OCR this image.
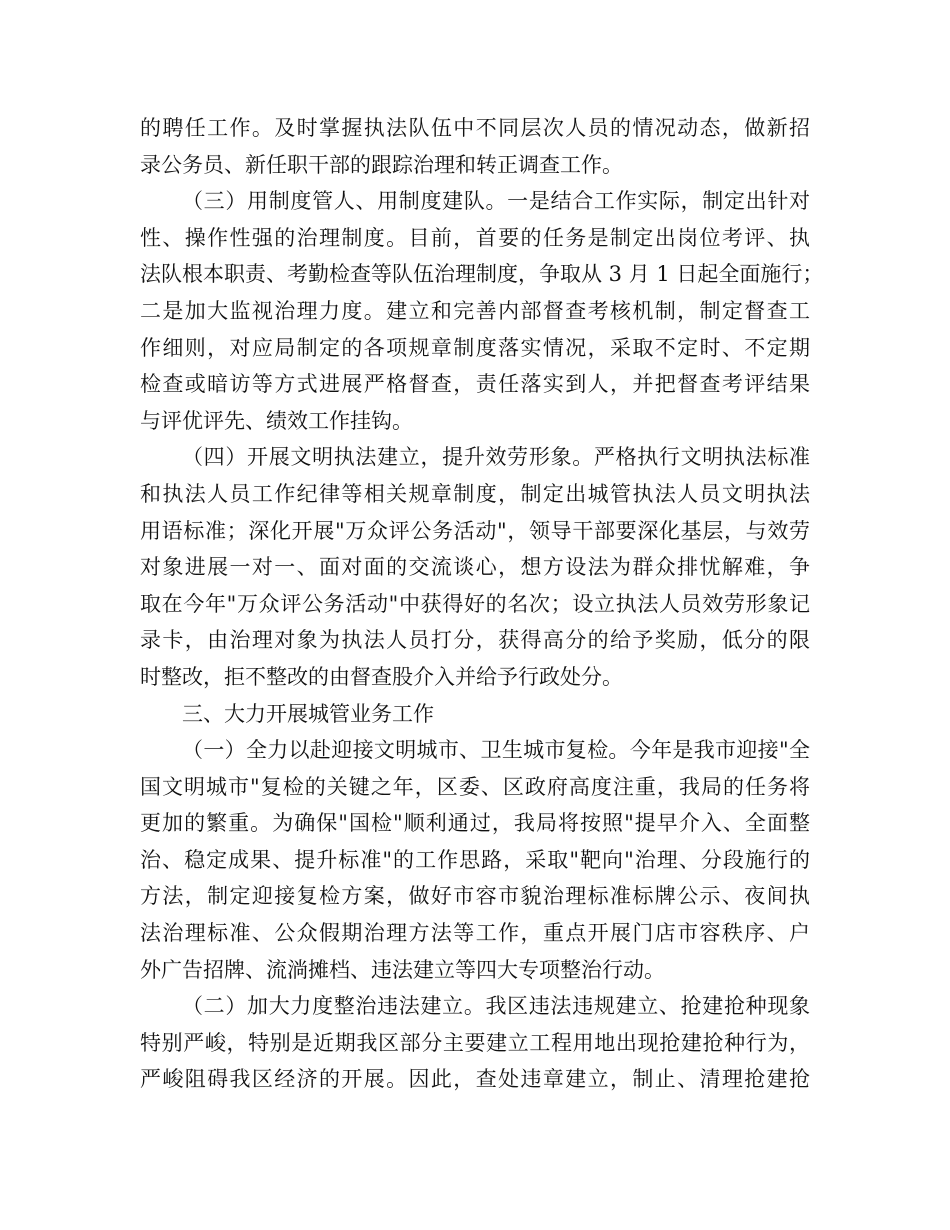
的聘任工作。及时掌握执法队伍中不同层次人员的情况动态，做新招
录公务员、新任职干部的跟踪治理和转正调查工作。
（三）用制度管人、用制度建队。一是结合工作实际，制定出针对
性、操作性强的治理制度。目前，首要的任务是制定出岗位考评、执
法队根本职责、考勤检查等队伍治理制度，争取从 3 月 1 日起全面施行；
二是加大监视治理力度。建立和完善内部督查考核机制，制定督查工
作细则，对应局制定的各项规章制度落实情况，采取不定时、不定期
检查或暗访等方式进展严格督查，责任落实到人，并把督查考评结果
与评优评先、绩效工作挂钩。
（四）开展文明执法建立，提升效劳形象。严格执行文明执法标准
和执法人员工作纪律等相关规章制度，制定出城管执法人员文明执法
用语标准；深化开展"万众评公务活动"，领导干部要深化基层，与效劳
对象进展一对一、面对面的交流谈心，想方设法为群众排忧解难，争
取在今年"万众评公务活动"中获得好的名次；设立执法人员效劳形象记
录卡，由治理对象为执法人员打分，获得高分的给予奖励，低分的限
时整改，拒不整改的由督查股介入并给予行政处分。
三、大力开展城管业务工作
（一）全力以赴迎接文明城市、卫生城市复检。今年是我市迎接"全
国文明城市"复检的关键之年，区委、区政府高度注重，我局的任务将
更加的繁重。为确保"国检"顺利通过，我局将按照"提早介入、全面整
治、稳定成果、提升标准"的工作思路，采取"靶向"治理、分段施行的
方法，制定迎接复检方案，做好市容市貌治理标准标牌公示、夜间执
法治理标准、公众假期治理方法等工作，重点开展门店市容秩序、户
外广告招牌、流淌摊档、违法建立等四大专项整治行动。
（二）加大力度整治违法建立。我区违法违规建立、抢建抢种现象
特别严峻，特别是近期我区部分主要建立工程用地出现抢建抢种行为，
严峻阻碍我区经济的开展。因此，查处违章建立，制止、清理抢建抢
